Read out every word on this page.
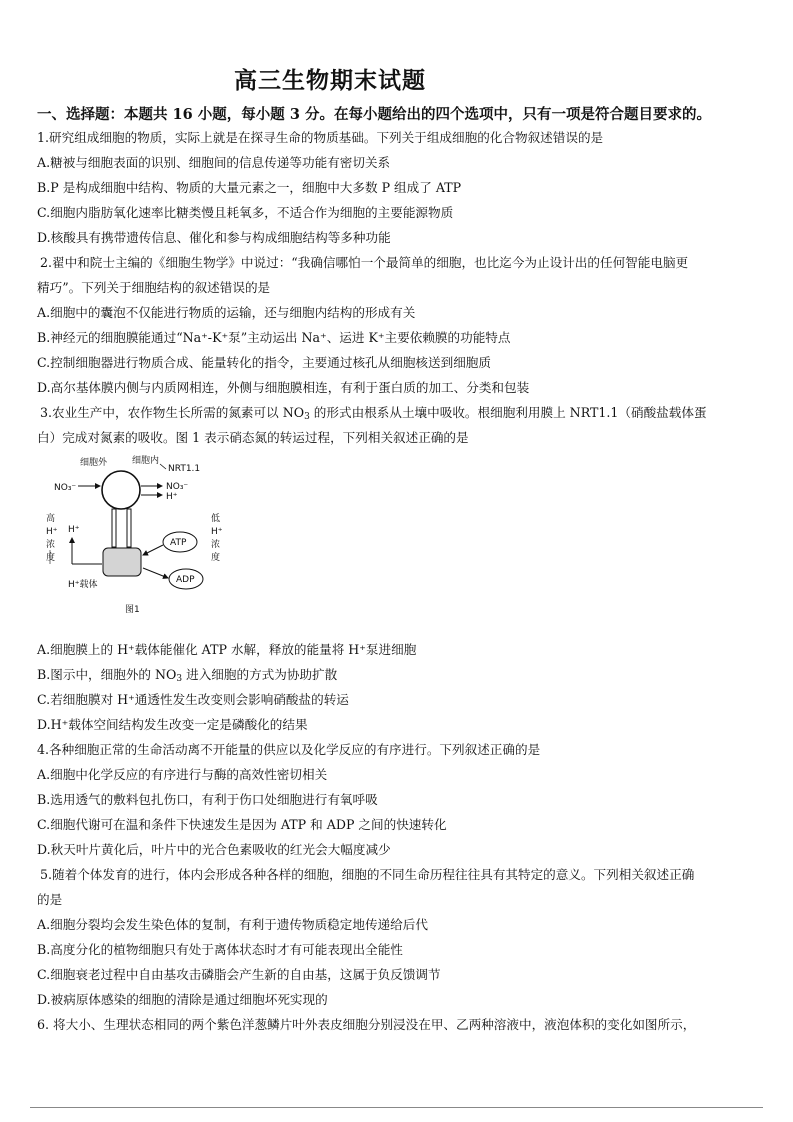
高三生物期末试题
一、选择题：本题共 16 小题，每小题 3 分。在每小题给出的四个选项中，只有一项是符合题目要求的。
1.研究组成细胞的物质，实际上就是在探寻生命的物质基础。下列关于组成细胞的化合物叙述错误的是
A.糖被与细胞表面的识别、细胞间的信息传递等功能有密切关系
B.P 是构成细胞中结构、物质的大量元素之一，细胞中大多数 P 组成了 ATP
C.细胞内脂肪氧化速率比糖类慢且耗氧多，不适合作为细胞的主要能源物质
D.核酸具有携带遗传信息、催化和参与构成细胞结构等多种功能
2.翟中和院士主编的《细胞生物学》中说过：“我确信哪怕一个最简单的细胞，也比迄今为止设计出的任何智能电脑更
精巧”。下列关于细胞结构的叙述错误的是
A.细胞中的囊泡不仅能进行物质的运输，还与细胞内结构的形成有关
B.神经元的细胞膜能通过“Na⁺-K⁺泵”主动运出 Na⁺、运进 K⁺主要依赖膜的功能特点
C.控制细胞器进行物质合成、能量转化的指令，主要通过核孔从细胞核送到细胞质
D.高尔基体膜内侧与内质网相连，外侧与细胞膜相连，有利于蛋白质的加工、分类和包装
3.农业生产中，农作物生长所需的氮素可以 $NO_3$ 的形式由根系从土壤中吸收。根细胞利用膜上 NRT1.1（硝酸盐载体蛋
白）完成对氮素的吸收。图 1 表示硝态氮的转运过程，下列相关叙述正确的是
细胞外	细胞内
NRT1.1
NO₃⁻	NO₃⁻
H⁺
高
H⁺
浓
度
H⁺
低
H⁺
浓
度
ATP
ADP
H⁺载体
图1
A.细胞膜上的 H⁺载体能催化 ATP 水解，释放的能量将 H⁺泵进细胞
B.图示中，细胞外的 $NO_3$ 进入细胞的方式为协助扩散
C.若细胞膜对 H⁺通透性发生改变则会影响硝酸盐的转运
D.H⁺载体空间结构发生改变一定是磷酸化的结果
4.各种细胞正常的生命活动离不开能量的供应以及化学反应的有序进行。下列叙述正确的是
A.细胞中化学反应的有序进行与酶的高效性密切相关
B.选用透气的敷料包扎伤口，有利于伤口处细胞进行有氧呼吸
C.细胞代谢可在温和条件下快速发生是因为 ATP 和 ADP 之间的快速转化
D.秋天叶片黄化后，叶片中的光合色素吸收的红光会大幅度减少
5.随着个体发育的进行，体内会形成各种各样的细胞，细胞的不同生命历程往往具有其特定的意义。下列相关叙述正确
的是
A.细胞分裂均会发生染色体的复制，有利于遗传物质稳定地传递给后代
B.高度分化的植物细胞只有处于离体状态时才有可能表现出全能性
C.细胞衰老过程中自由基攻击磷脂会产生新的自由基，这属于负反馈调节
D.被病原体感染的细胞的清除是通过细胞坏死实现的
6. 将大小、生理状态相同的两个紫色洋葱鳞片叶外表皮细胞分别浸没在甲、乙两种溶液中，液泡体积的变化如图所示，
